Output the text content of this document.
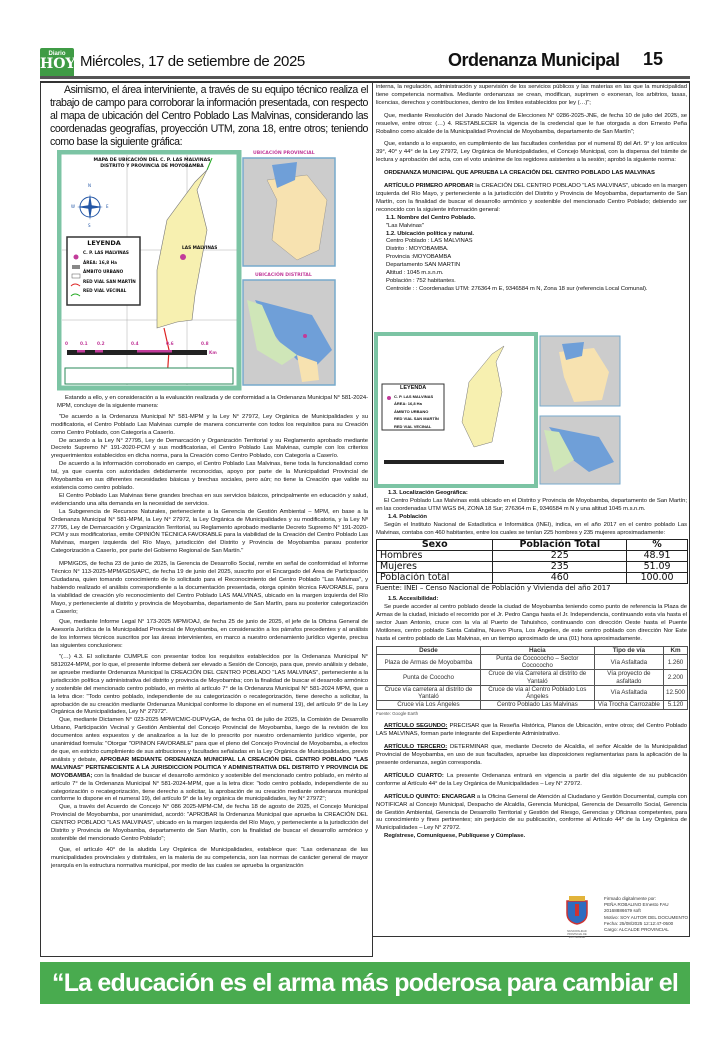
Diario
HOY Miércoles, 17 de setiembre de 2025	Ordenanza Municipal 15
Asimismo, el área interviniente, a través de su equipo técnico realiza el trabajo de campo para corroborar la información presentada, con respecto al mapa de ubicación del Centro Poblado Las Malvinas, considerando las coordenadas geografías, proyección UTM, zona 18, entre otros; teniendo como base la siguiente gráfica:
MAPA DE UBICACIÓN DEL C. P. LAS MALVINAS
DISTRITO Y PROVINCIA DE MOYOBAMBA
N
S
E
W
LEYENDA
C. P. LAS MALVINAS
ÁREA: 16,8 Ha
ÁMBITO URBANO
RED VIAL SAN MARTÍN
RED VIAL VECINAL
LAS MALVINAS
0	0.1 0.2	0.4	0.6	0.8
Km
UBICACIÓN PROVINCIAL
UBICACIÓN DISTRITAL

Estando a ello, y en consideración a la evaluación realizada y de conformidad a la Ordenanza Municipal N° 581-2024-MPM, concluye de la siguiente manera:

"De acuerdo a la Ordenanza Municipal N° 581-MPM y la Ley N° 27972, Ley Orgánica de Municipalidades y su modificatoria, el Centro Poblado Las Malvinas cumple de manera concurrente con todos los requisitos para su Creación como Centro Poblado, con Categoría a Caserío.

De acuerdo a la Ley N° 27795, Ley de Demarcación y Organización Territorial y su Reglamento aprobado mediante Decreto Supremo N° 191-2020-PCM y sus modificatorias, el Centro Poblado Las Malvinas, cumple con los criterios yrequerimientos establecidos en dicha norma, para la Creación como Centro Poblado, con Categoría a Caserío.

De acuerdo a la información corroborado en campo, el Centro Poblado Las Malvinas, tiene toda la funcionalidad como tal, ya que cuenta con autoridades debidamente reconocidas, apoyo por parte de la Municipalidad Provincial de Moyobamba en sus diferentes necesidades básicas y brechas sociales, pero aún; no tiene la Creación que valide su existencia como centro poblado.

El Centro Poblado Las Malvinas tiene grandes brechas en sus servicios básicos, principalmente en educación y salud, evidenciando una alta demanda en la necesidad de servicios.

La Subgerencia de Recursos Naturales, perteneciente a la Gerencia de Gestión Ambiental – MPM, en base a la Ordenanza Municipal N° 581-MPM, la Ley N° 27972, la Ley Orgánica de Municipalidades y su modificatoria, y la Ley Nº 27795, Ley de Demarcación y Organización Territorial, su Reglamento aprobado mediante Decreto Supremo N° 191-2020-PCM y sus modificatorias, emite OPINIÓN TÉCNICA FAVORABLE para la viabilidad de la Creación del Centro Poblado Las Malvinas, margen izquierda del Río Mayo, jurisdicción del Distrito y Provincia de Moyobamba parasu posterior Categorización a Caserío, por parte del Gobierno Regional de San Martín."

MPM/GDS, de fecha 23 de junio de 2025, la Gerencia de Desarrollo Social, remite en señal de conformidad el Informe Técnico N° 113-2025-MPM/GDS/APC, de fecha 19 de junio del 2025, suscrito por el Encargado del Área de Participación Ciudadana, quien tomando conocimiento de lo solicitado para el Reconocimiento del Centro Poblado "Las Malvinas", y habiendo realizado el análisis correspondiente a la documentación presentada, otorga opinión técnica FAVORABLE, para la viabilidad de creación y/o reconocimiento del Centro Poblado LAS MALVINAS, ubicado en la margen izquierda del Río Mayo, y perteneciente al distrito y provincia de Moyobamba, departamento de San Martín, para su posterior categorización a Caserío;

Que, mediante Informe Legal N° 173-2025 MPM/OAJ, de fecha 25 de junio de 2025, el jefe de la Oficina General de Asesoría Jurídica de la Municipalidad Provincial de Moyobamba, en consideración a los párrafos precedentes y al análisis de los informes técnicos suscritos por las áreas intervinientes, en marco a nuestro ordenamiento jurídico vigente, precisa las siguientes conclusiones:

"(…) 4.3. El solicitante CUMPLE con presentar todos los requisitos establecidos por la Ordenanza Municipal N° 5812024-MPM, por lo que, el presente informe deberá ser elevado a Sesión de Concejo, para que, previo análisis y debate, se apruebe mediante Ordenanza Municipal la CREACIÓN DEL CENTRO POBLADO "LAS MALVINAS", perteneciente a la jurisdicción política y administrativa del distrito y provincia de Moyobamba; con la finalidad de buscar el desarrollo armónico y sostenible del mencionado centro poblado, en mérito al artículo 7° de la Ordenanza Municipal N° 581-2024 MPM, que a la letra dice: "Todo centro poblado, independiente de su categorización o recategorización, tiene derecho a solicitar, la aprobación de su creación mediante Ordenanza Municipal conforme lo dispone en el numeral 19), del artículo 9° de la Ley Orgánica de Municipalidades, Ley N° 27972".

Que, mediante Dictamen N° 023-2025 MPM/CM/C-DUPVyGA, de fecha 01 de julio de 2025, la Comisión de Desarrollo Urbano, Participación Vecinal y Gestión Ambiental del Concejo Provincial de Moyobamba, luego de la revisión de los documentos antes expuestos y de analizarlos a la luz de lo prescrito por nuestro ordenamiento jurídico vigente, por unanimidad formula: "Otorgar "OPINION FAVORABLE" para que el pleno del Concejo Provincial de Moyobamba, a efectos de que, en estricto cumplimiento de sus atribuciones y facultades señaladas en la Ley Orgánica de Municipalidades, previo análisis y debate, APROBAR MEDIANTE ORDENANZA MUNICIPAL LA CREACIÓN DEL CENTRO POBLADO "LAS MALVINAS" PERTENECIENTE A LA JURISDICCION POLITICA Y ADMINISTRATIVA DEL DISTRITO Y PROVINCIA DE MOYOBAMBA; con la finalidad de buscar el desarrollo armónico y sostenible del mencionado centro poblado, en mérito al artículo 7° de la Ordenanza Municipal N° 581-2024-MPM, que a la letra dice: "todo centro poblado, independiente de su categorización o recategorización, tiene derecho a solicitar, la aprobación de su creación mediante ordenanza municipal conforme lo dispone en el numeral 19), del artículo 9° de la ley orgánica de municipalidades, ley N° 27972";

Que, a través del Acuerdo de Concejo N° 086 2025-MPM-CM, de fecha 18 de agosto de 2025, el Concejo Municipal Provincial de Moyobamba, por unanimidad, acordó: "APROBAR la Ordenanza Municipal que aprueba la CREACIÓN DEL CENTRO POBLADO "LAS MALVINAS", ubicado en la margen izquierda del Río Mayo, y perteneciente a la jurisdicción del Distrito y Provincia de Moyobamba, departamento de San Martín, con la finalidad de buscar el desarrollo armónico y sostenible del mencionado Centro Poblado";

Que, el artículo 40° de la aludida Ley Orgánica de Municipalidades, establece que: "Las ordenanzas de las municipalidades provinciales y distritales, en la materia de su competencia, son las normas de carácter general de mayor jerarquía en la estructura normativa municipal, por medio de las cuales se aprueba la organización

interna, la regulación, administración y supervisión de los servicios públicos y las materias en las que la municipalidad tiene competencia normativa. Mediante ordenanzas se crean, modifican, suprimen o exoneran, los arbitrios, tasas, licencias, derechos y contribuciones, dentro de los límites establecidos por ley (…)";

Que, mediante Resolución del Jurado Nacional de Elecciones N° 0286-2025-JNE, de fecha 10 de julio del 2025, se resuelve, entre otros: (…) 4. RESTABLECER la vigencia de la credencial que le fue otorgada a don Ernesto Peña Robalino como alcalde de la Municipalidad Provincial de Moyobamba, departamento de San Martín";

Que, estando a lo expuesto, en cumplimiento de las facultades conferidas por el numeral 8) del Art. 9° y los artículos 39°, 40° y 44° de la Ley 27972, Ley Orgánica de Municipalidades, el Concejo Municipal, con la dispensa del trámite de lectura y aprobación del acta, con el voto unánime de los regidores asistentes a la sesión; aprobó la siguiente norma:

ORDENANZA MUNICIPAL QUE APRUEBA LA CREACIÓN DEL CENTRO POBLADO LAS MALVINAS

ARTÍCULO PRIMERO APROBAR la CREACIÓN DEL CENTRO POBLADO "LAS MALVINAS", ubicado en la margen izquierda del Río Mayo, y perteneciente a la jurisdicción del Distrito y Provincia de Moyobamba, departamento de San Martín, con la finalidad de buscar el desarrollo armónico y sostenible del mencionado Centro Poblado; debiendo ser reconocido con la siguiente información general:

1.1. Nombre del Centro Poblado.
"Las Malvinas"
1.2. Ubicación política y natural.
Centro Poblado : LAS MALVINAS
Distrito : MOYOBAMBA.
Provincia :MOYOBAMBA
Departamento SAN MARTIN
Altitud : 1045 m.s.n.m.
Población : 752 habitantes.
Centroide : : Coordenadas UTM: 276364 m E, 9346584 m N, Zona 18 sur (referencia Local Comunal).
LEYENDA
C. P. LAS MALVINAS
ÁREA: 16,8 Ha
ÁMBITO URBANO
RED VIAL SAN MARTÍN
RED VIAL VECINAL

1.3. Localización Geográfica:

El Centro Poblado Las Malvinas está ubicado en el Distrito y Provincia de Moyobamba, departamento de San Martín; en las coordenadas UTM WGS 84, ZONA 18 Sur; 276364 m E, 9346584 m N y una altitud 1045 m.s.n.m.

1.4. Población

Según el Instituto Nacional de Estadística e Informática (INEI), indica, en el año 2017 en el centro poblado Las Malvinas, contaba con 460 habitantes, entre los cuales se tenían 225 hombres y 235 mujeres aproximadamente:

Sexo	Población Total	%
Hombres	225	48.91
Mujeres	235	51.09
Población total	460	100.00
Fuente: INEI – Censo Nacional de Población y Vivienda del año 2017

1.5. Accesibilidad:

Se puede acceder al centro poblado desde la ciudad de Moyobamba teniendo como punto de referencia la Plaza de Armas de la ciudad, iniciado el recorrido por el Jr. Pedro Canga hasta el Jr. Independencia, continuando esta vía hasta el sector Juan Antonio, cruce con la vía al Puerto de Tahuishco, continuando con dirección Oeste hasta el Puente Motilones, centro poblado Santa Catalina, Nuevo Piura, Los Ángeles, de este centro poblado con dirección Nor Este hasta el centro poblado de Las Malvinas, en un tiempo aproximado de una (01) hora aproximadamente.

Desde	Hacia	Tipo de vía	Km
Plaza de Armas de Moyobamba	Punta de Cocococho – Sector Cocococho	Vía Asfaltada	1.260
Punta de Cococho	Cruce de vía Carretera al distrito de Yantaló	Vía proyecto de asfaltado	2.200
Cruce vía carretera al distrito de Yantaló	Cruce de vía al Centro Poblado Los Ángeles	Vía Asfaltada	12.500
Cruce vía Los Ángeles	Centro Poblado Las Malvinas	Vía Trocha Carrozable	5.120
Fuente: Google Earth

ARTÍCULO SEGUNDO: PRECISAR que la Reseña Histórica, Planos de Ubicación, entre otros; del Centro Poblado LAS MALVINAS, forman parte integrante del Expediente Administrativo.

ARTÍCULO TERCERO: DETERMINAR que, mediante Decreto de Alcaldía, el señor Alcalde de la Municipalidad Provincial de Moyobamba, en uso de sus facultades, apruebe las disposiciones reglamentarias para la aplicación de la presente ordenanza, según corresponda.

ARTÍCULO CUARTO: La presente Ordenanza entrará en vigencia a partir del día siguiente de su publicación conforme al Artículo 44° de la Ley Orgánica de Municipalidades – Ley N° 27972.

ARTÍCULO QUINTO: ENCARGAR a la Oficina General de Atención al Ciudadano y Gestión Documental, cumpla con NOTIFICAR al Concejo Municipal, Despacho de Alcaldía, Gerencia Municipal, Gerencia de Desarrollo Social, Gerencia de Gestión Ambiental, Gerencia de Desarrollo Territorial y Gestión del Riesgo, Gerencias y Oficinas competentes, para su conocimiento y fines pertinentes; sin perjuicio de su publicación, conforme al Artículo 44° de la Ley Orgánica de Municipalidades – Ley N° 27972.

Regístrese, Comuníquese, Publíquese y Cúmplase.

MUNICIPALIDAD PROVINCIAL DE MOYOBAMBA
Firmado digitalmente por:
PEÑA ROBALINO Ernesto FAU
20168886679 soft
Motivo: SOY AUTOR DEL DOCUMENTO
Fecha: 25/08/2025 12:12:47-0500
Cargo: ALCALDE PROVINCIAL
“La educación es el arma más poderosa para cambiar el mundo”
